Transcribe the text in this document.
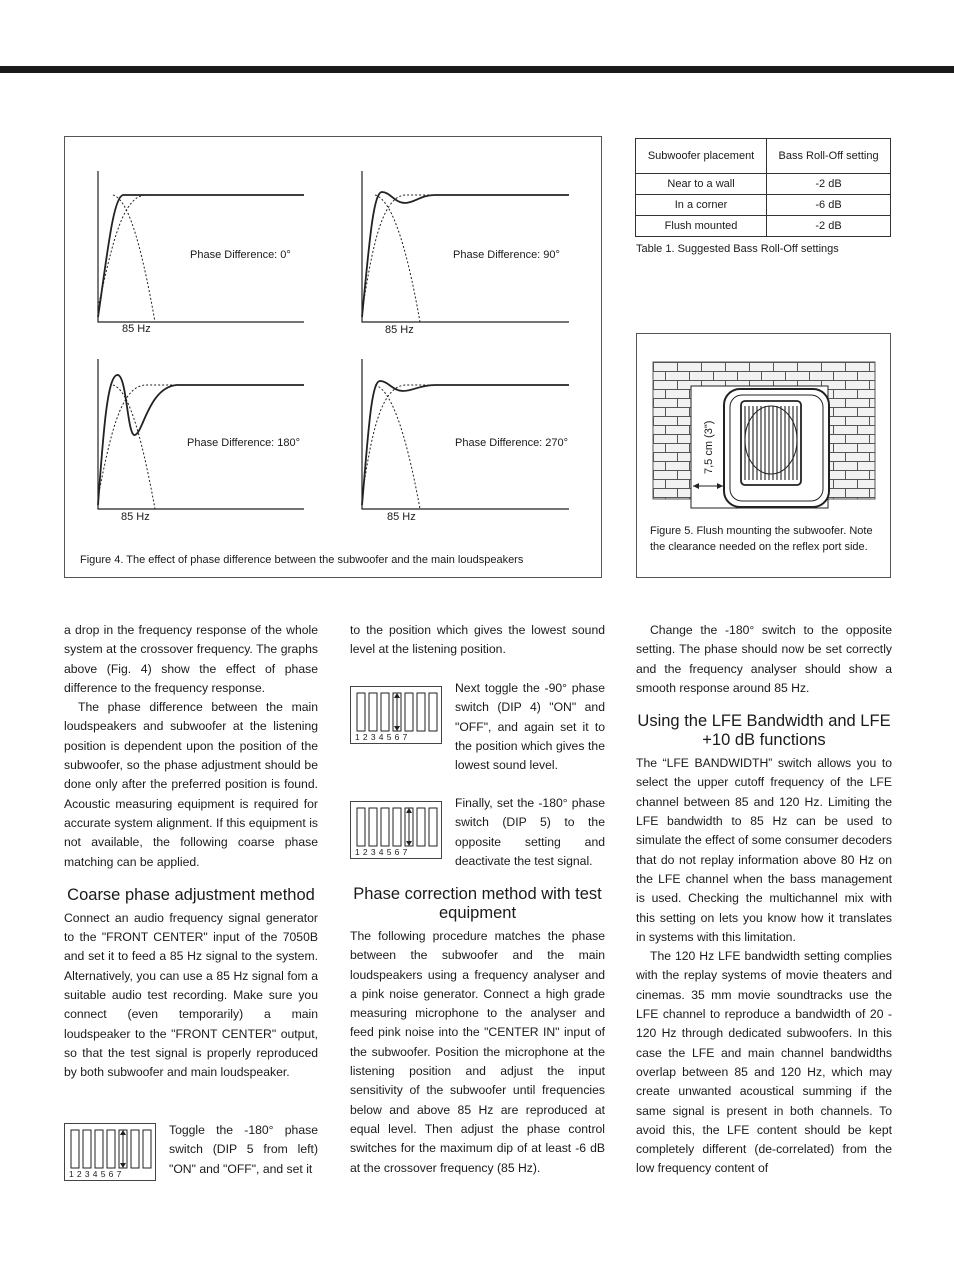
Phase Difference: 0°
85 Hz
Phase Difference: 90°
85 Hz
Phase Difference: 180°
85 Hz
Phase Difference: 270°
85 Hz
Figure 4. The effect of phase difference between the subwoofer and the main loudspeakers
Subwoofer placement	Bass Roll-Off setting
Near to a wall	-2 dB
In a corner	-6 dB
Flush mounted	-2 dB
Table 1. Suggested Bass Roll-Off settings
7,5 cm (3")
Figure 5. Flush mounting the subwoofer. Note the clearance needed on the reflex port side.

a drop in the frequency response of the whole system at the crossover frequency. The graphs above (Fig. 4) show the effect of phase difference to the frequency response.

The phase difference between the main loudspeakers and subwoofer at the listening position is dependent upon the position of the subwoofer, so the phase adjustment should be done only after the preferred position is found. Acoustic measuring equipment is required for accurate system alignment. If this equipment is not available, the following coarse phase matching can be applied.

Coarse phase adjustment method

Connect an audio frequency signal generator to the "FRONT CENTER" input of the 7050B and set it to feed a 85 Hz signal to the system. Alternatively, you can use a 85 Hz signal fom a suitable audio test recording. Make sure you connect (even temporarily) a main loudspeaker to the "FRONT CENTER" output, so that the test signal is properly reproduced by both subwoofer and main loudspeaker.

1234567

Toggle the -180° phase switch (DIP 5 from left) "ON" and "OFF", and set it

to the position which gives the lowest sound level at the listening position.

1234567

Next toggle the -90° phase switch (DIP 4) "ON" and "OFF", and again set it to the position which gives the lowest sound level.

1234567

Finally, set the -180° phase switch (DIP 5) to the opposite setting and deactivate the test signal.

Phase correction method with test equipment

The following procedure matches the phase between the subwoofer and the main loudspeakers using a frequency analyser and a pink noise generator. Connect a high grade measuring microphone to the analyser and feed pink noise into the "CENTER IN" input of the subwoofer. Position the microphone at the listening position and adjust the input sensitivity of the subwoofer until frequencies below and above 85 Hz are reproduced at equal level. Then adjust the phase control switches for the maximum dip of at least -6 dB at the crossover frequency (85 Hz).

Change the -180° switch to the opposite setting. The phase should now be set correctly and the frequency analyser should show a smooth response around 85 Hz.

Using the LFE Bandwidth and LFE +10 dB functions

The “LFE BANDWIDTH” switch allows you to select the upper cutoff frequency of the LFE channel between 85 and 120 Hz. Limiting the LFE bandwidth to 85 Hz can be used to simulate the effect of some consumer decoders that do not replay information above 80 Hz on the LFE channel when the bass management is used. Checking the multichannel mix with this setting on lets you know how it translates in systems with this limitation.

The 120 Hz LFE bandwidth setting complies with the replay systems of movie theaters and cinemas. 35 mm movie soundtracks use the LFE channel to reproduce a bandwidth of 20 - 120 Hz through dedicated subwoofers. In this case the LFE and main channel bandwidths overlap between 85 and 120 Hz, which may create unwanted acoustical summing if the same signal is present in both channels. To avoid this, the LFE content should be kept completely different (de-correlated) from the low frequency content of
